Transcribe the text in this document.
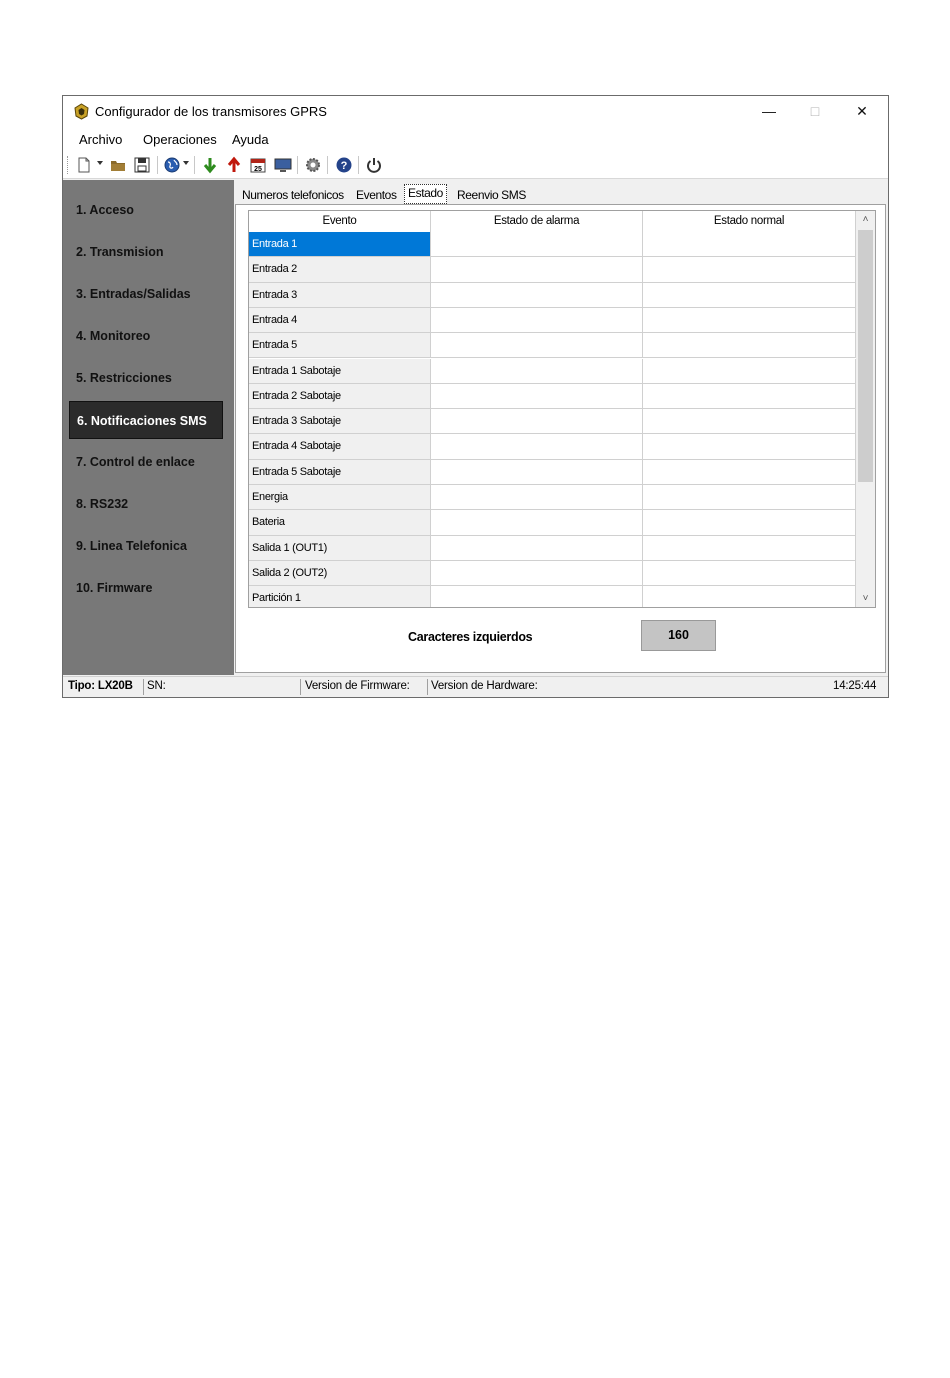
Configurador de los transmisores GPRS	—	□	✕
Archivo Operaciones Ayuda
25	?
1. Acceso
2. Transmision
3. Entradas/Salidas
4. Monitoreo
5. Restricciones
6. Notificaciones SMS
7. Control de enlace
8. RS232
9. Linea Telefonica
10. Firmware
Numeros telefonicos Eventos Estado	Reenvio SMS
Evento	Estado de alarma	Estado normal
Entrada 1
Entrada 2
Entrada 3
Entrada 4
Entrada 5
Entrada 1 Sabotaje
Entrada 2 Sabotaje
Entrada 3 Sabotaje
Entrada 4 Sabotaje
Entrada 5 Sabotaje
Energia
Bateria
Salida 1 (OUT1)
Salida 2 (OUT2)
Partición 1
˄
˅
Caracteres izquierdos	160
Tipo: LX20B SN:	Version de Firmware: Version de Hardware:	14:25:44
